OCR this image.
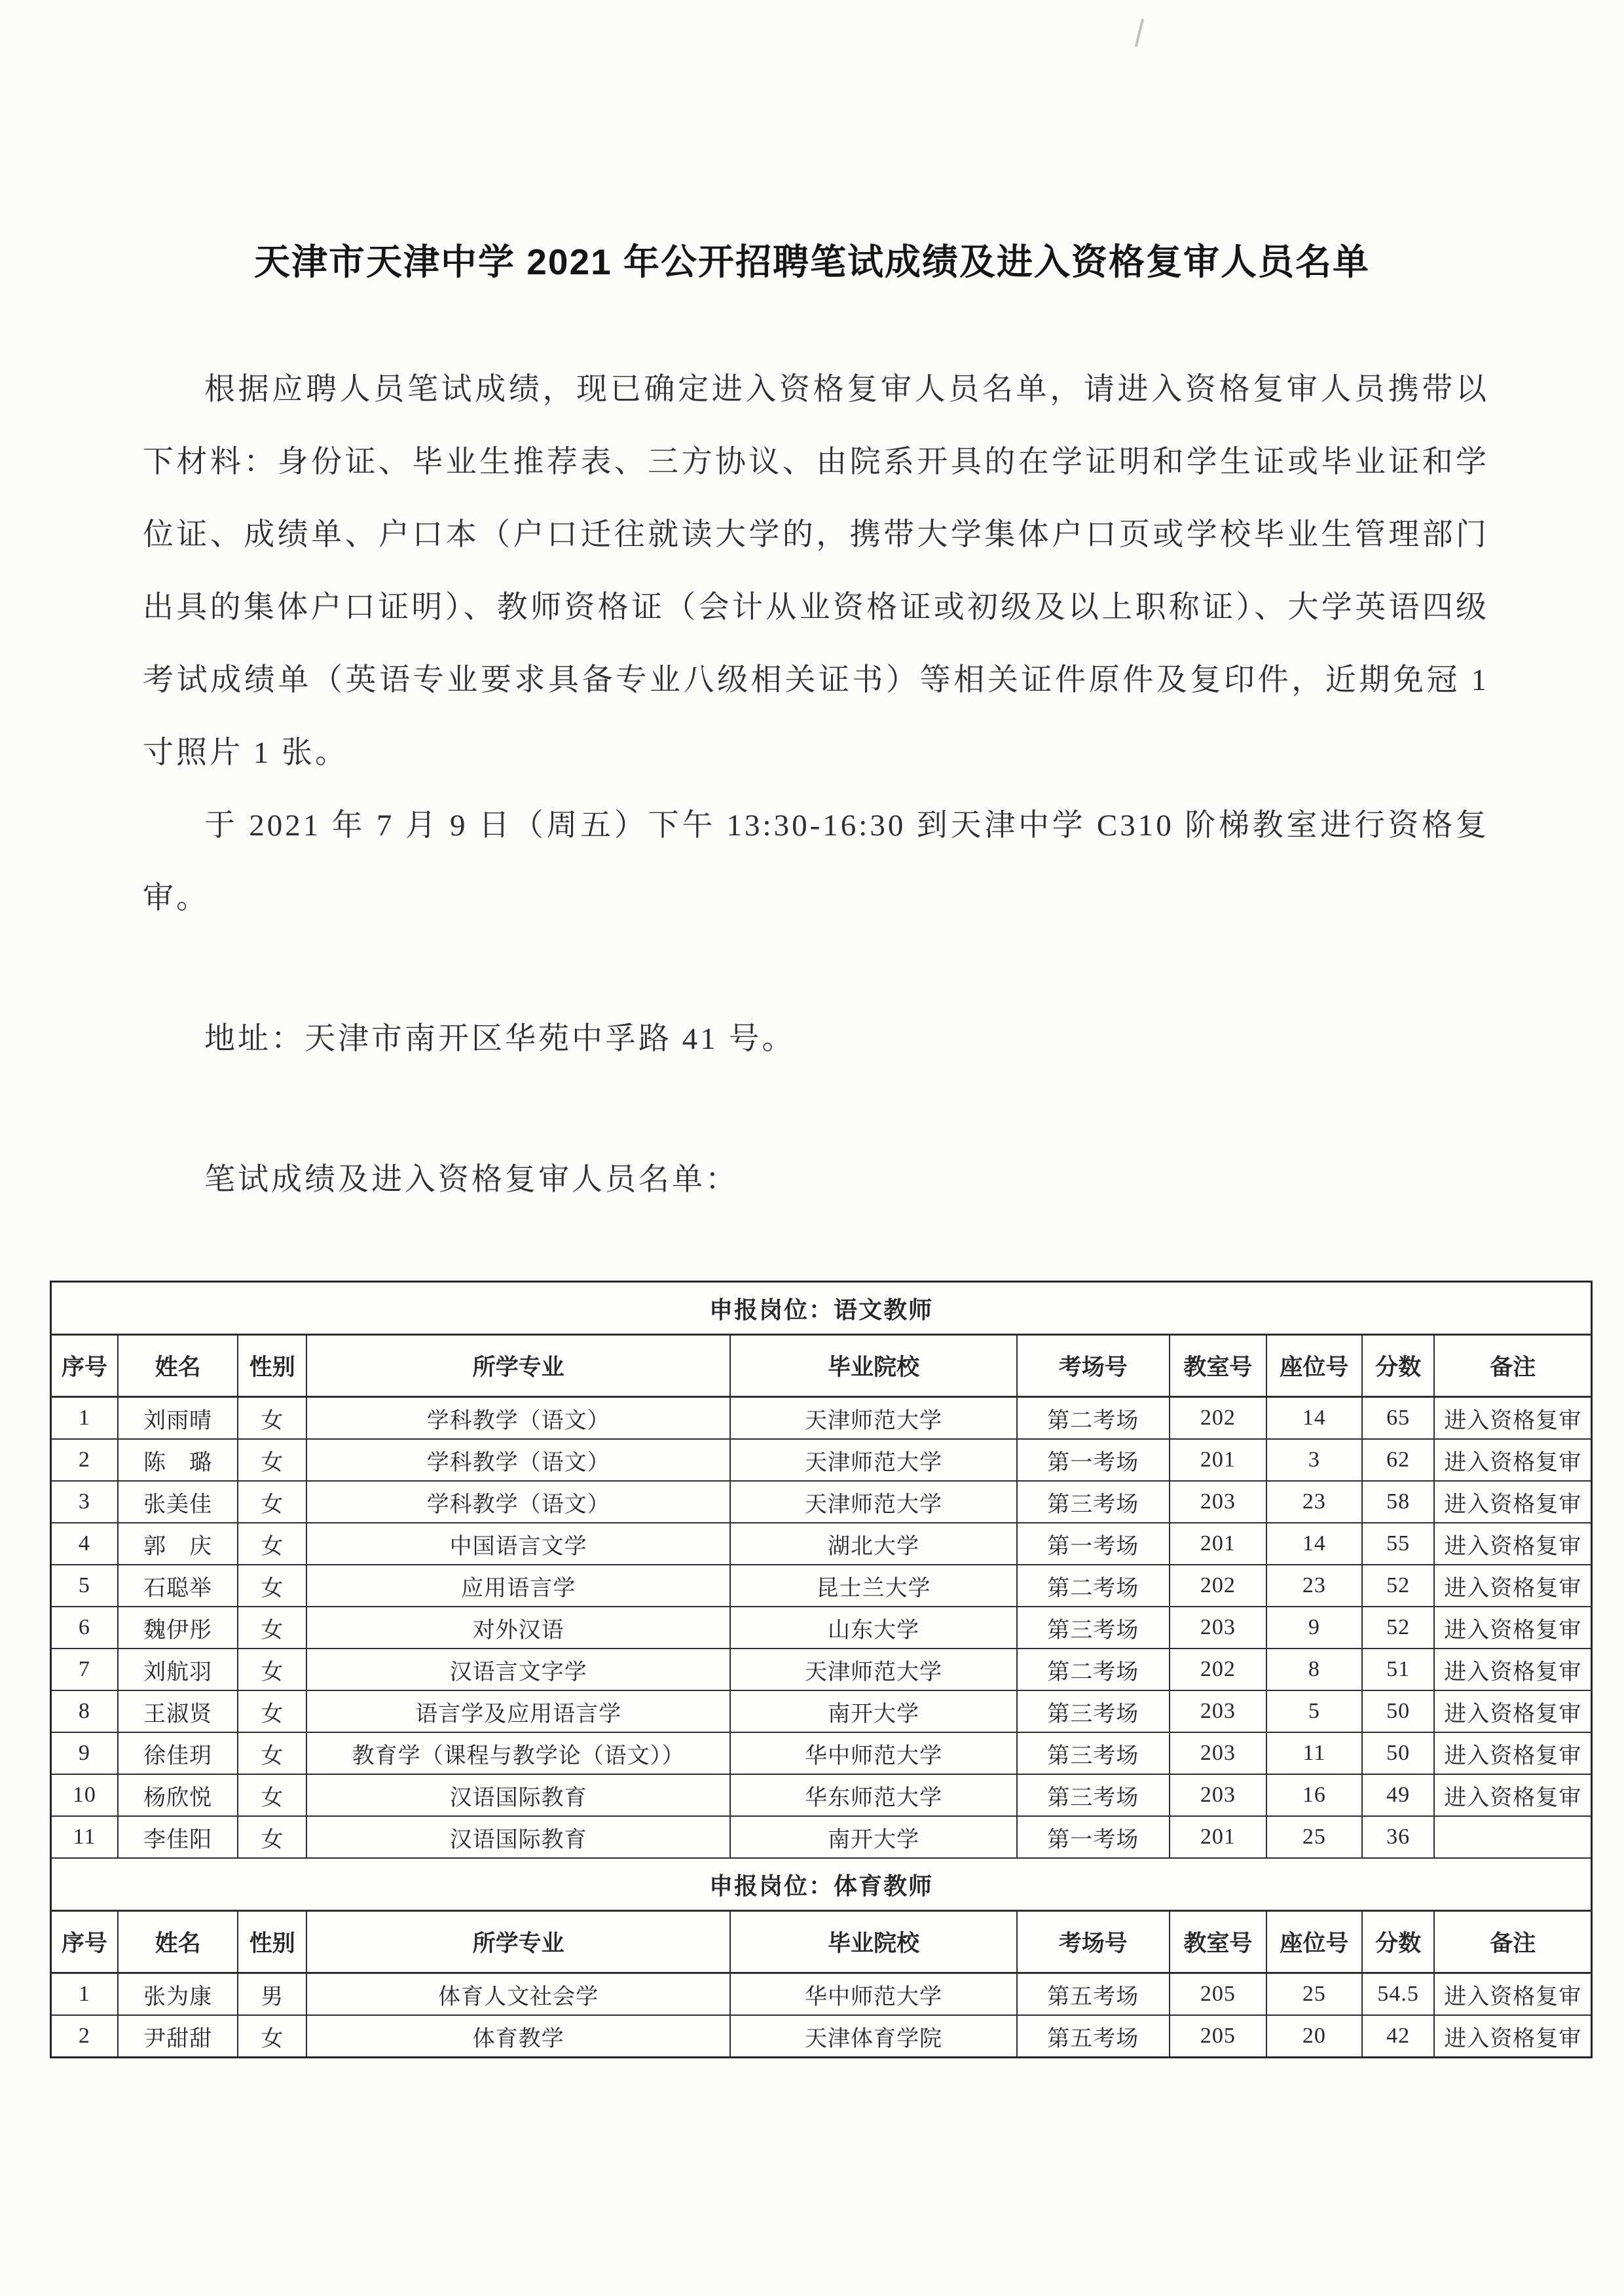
天津市天津中学 2021 年公开招聘笔试成绩及进入资格复审人员名单

根据应聘人员笔试成绩，现已确定进入资格复审人员名单，请进入资格复审人员携带以下材料：身份证、毕业生推荐表、三方协议、由院系开具的在学证明和学生证或毕业证和学位证、成绩单、户口本（户口迁往就读大学的，携带大学集体户口页或学校毕业生管理部门出具的集体户口证明）、教师资格证（会计从业资格证或初级及以上职称证）、大学英语四级考试成绩单（英语专业要求具备专业八级相关证书）等相关证件原件及复印件，近期免冠 1 寸照片 1 张。

于 2021 年 7 月 9 日（周五）下午 13:30-16:30 到天津中学 C310 阶梯教室进行资格复审。

地址：天津市南开区华苑中孚路 41 号。

笔试成绩及进入资格复审人员名单：

申报岗位：语文教师									
序号	姓名	性别	所学专业	毕业院校	考场号	教室号	座位号	分数	备注
1	刘雨晴	女	学科教学（语文）	天津师范大学	第二考场	202	14	65	进入资格复审
2	陈　璐	女	学科教学（语文）	天津师范大学	第一考场	201	3	62	进入资格复审
3	张美佳	女	学科教学（语文）	天津师范大学	第三考场	203	23	58	进入资格复审
4	郭　庆	女	中国语言文学	湖北大学	第一考场	201	14	55	进入资格复审
5	石聪举	女	应用语言学	昆士兰大学	第二考场	202	23	52	进入资格复审
6	魏伊彤	女	对外汉语	山东大学	第三考场	203	9	52	进入资格复审
7	刘航羽	女	汉语言文字学	天津师范大学	第二考场	202	8	51	进入资格复审
8	王淑贤	女	语言学及应用语言学	南开大学	第三考场	203	5	50	进入资格复审
9	徐佳玥	女	教育学（课程与教学论（语文））	华中师范大学	第三考场	203	11	50	进入资格复审
10	杨欣悦	女	汉语国际教育	华东师范大学	第三考场	203	16	49	进入资格复审
11	李佳阳	女	汉语国际教育	南开大学	第一考场	201	25	36	
申报岗位：体育教师									
序号	姓名	性别	所学专业	毕业院校	考场号	教室号	座位号	分数	备注
1	张为康	男	体育人文社会学	华中师范大学	第五考场	205	25	54.5	进入资格复审
2	尹甜甜	女	体育教学	天津体育学院	第五考场	205	20	42	进入资格复审
